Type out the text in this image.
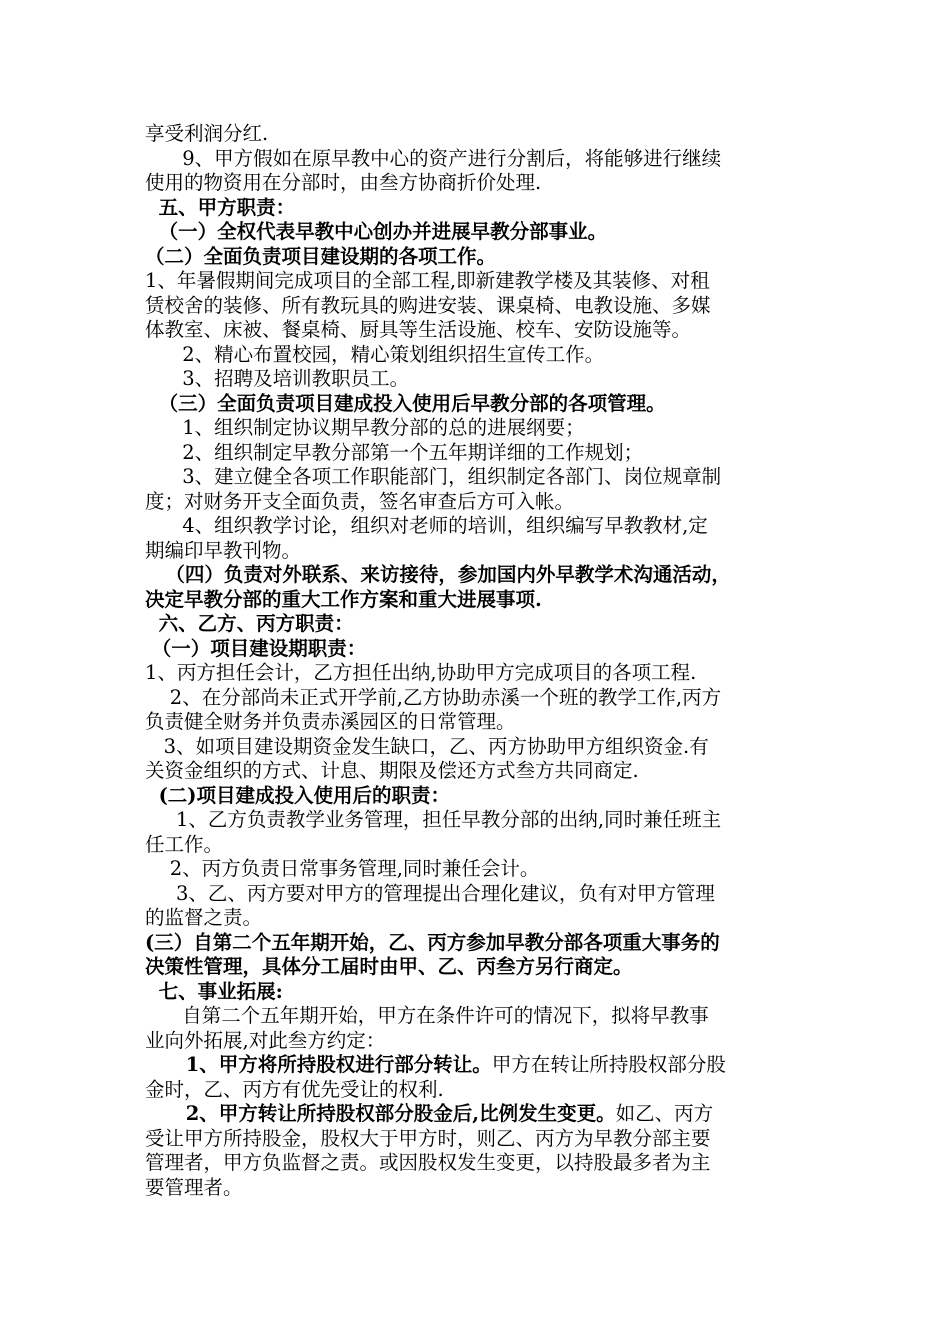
享受利润分红.
9、甲方假如在原早教中心的资产进行分割后，将能够进行继续
使用的物资用在分部时，由叁方协商折价处理.
五、甲方职责：
（一）全权代表早教中心创办并进展早教分部事业。
（二）全面负责项目建设期的各项工作。
1、年暑假期间完成项目的全部工程,即新建教学楼及其装修、对租
赁校舍的装修、所有教玩具的购进安装、课桌椅、电教设施、多媒
体教室、床被、餐桌椅、厨具等生活设施、校车、安防设施等。
2、精心布置校园，精心策划组织招生宣传工作。
3、招聘及培训教职员工。
（三）全面负责项目建成投入使用后早教分部的各项管理。
1、组织制定协议期早教分部的总的进展纲要；
2、组织制定早教分部第一个五年期详细的工作规划；
3、建立健全各项工作职能部门，组织制定各部门、岗位规章制
度；对财务开支全面负责，签名审查后方可入帐。
4、组织教学讨论，组织对老师的培训，组织编写早教教材,定
期编印早教刊物。
（四）负责对外联系、来访接待，参加国内外早教学术沟通活动，
决定早教分部的重大工作方案和重大进展事项.
六、乙方、丙方职责：
（一）项目建设期职责：
1、丙方担任会计，乙方担任出纳,协助甲方完成项目的各项工程.
2、在分部尚未正式开学前,乙方协助赤溪一个班的教学工作,丙方
负责健全财务并负责赤溪园区的日常管理。
3、如项目建设期资金发生缺口，乙、丙方协助甲方组织资金.有
关资金组织的方式、计息、期限及偿还方式叁方共同商定.
(二)项目建成投入使用后的职责：
1、乙方负责教学业务管理，担任早教分部的出纳,同时兼任班主
任工作。
2、丙方负责日常事务管理,同时兼任会计。
3、乙、丙方要对甲方的管理提出合理化建议，负有对甲方管理
的监督之责。
(三）自第二个五年期开始，乙、丙方参加早教分部各项重大事务的
决策性管理，具体分工届时由甲、乙、丙叁方另行商定。
七、事业拓展:
自第二个五年期开始，甲方在条件许可的情况下，拟将早教事
业向外拓展,对此叁方约定：
1、甲方将所持股权进行部分转让。甲方在转让所持股权部分股
金时，乙、丙方有优先受让的权利.
2、甲方转让所持股权部分股金后,比例发生变更。如乙、丙方
受让甲方所持股金，股权大于甲方时，则乙、丙方为早教分部主要
管理者，甲方负监督之责。或因股权发生变更，以持股最多者为主
要管理者。
